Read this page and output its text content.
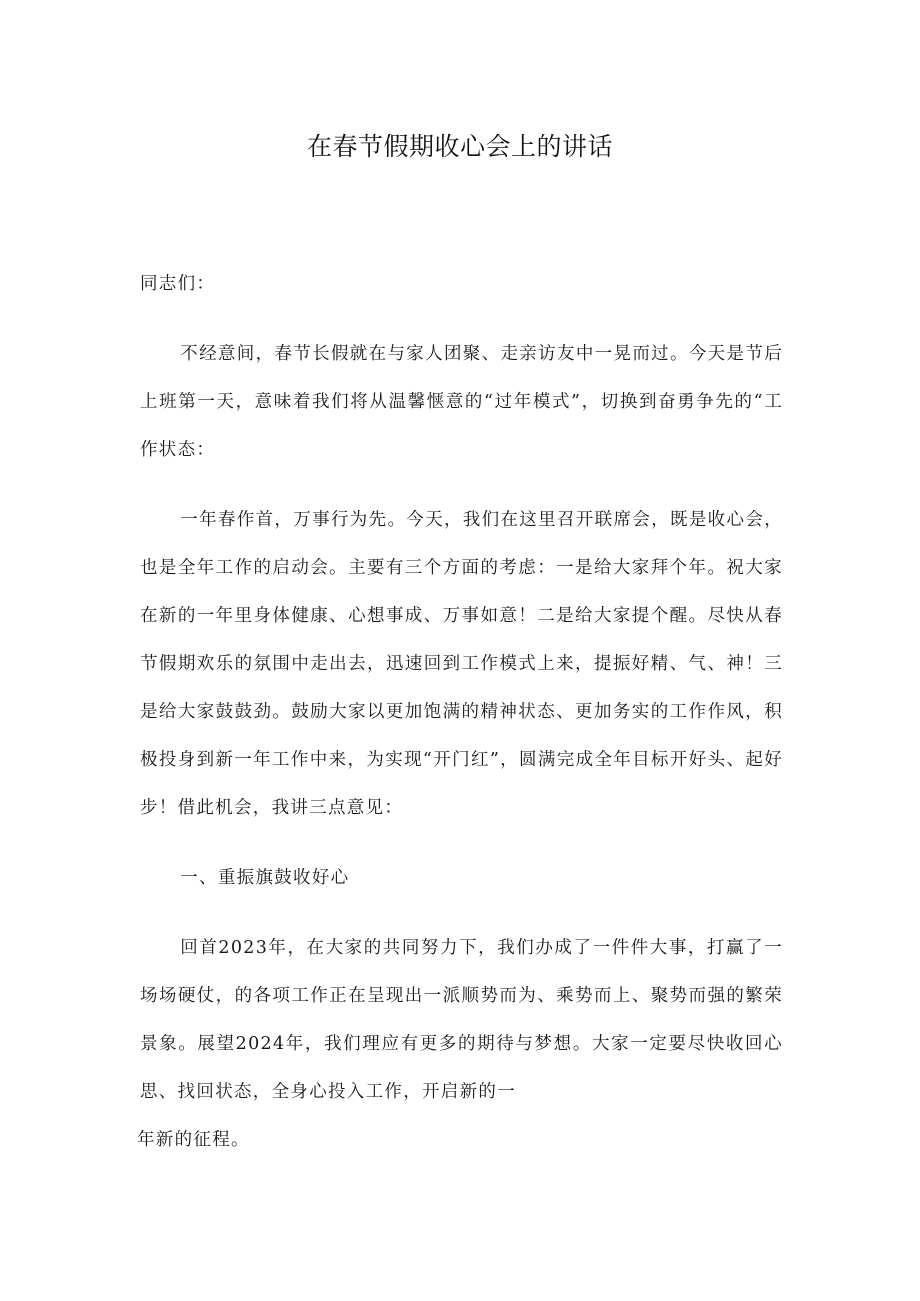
在春节假期收心会上的讲话

同志们：

不经意间，春节长假就在与家人团聚、走亲访友中一晃而过。今天是节后上班第一天，意味着我们将从温馨惬意的“过年模式”，切换到奋勇争先的“工作状态：

一年春作首，万事行为先。今天，我们在这里召开联席会，既是收心会，也是全年工作的启动会。主要有三个方面的考虑：一是给大家拜个年。祝大家在新的一年里身体健康、心想事成、万事如意！二是给大家提个醒。尽快从春节假期欢乐的氛围中走出去，迅速回到工作模式上来，提振好精、气、神！三是给大家鼓鼓劲。鼓励大家以更加饱满的精神状态、更加务实的工作作风，积极投身到新一年工作中来，为实现“开门红”，圆满完成全年目标开好头、起好步！借此机会，我讲三点意见：

一、重振旗鼓收好心

回首2023年，在大家的共同努力下，我们办成了一件件大事，打赢了一场场硬仗，的各项工作正在呈现出一派顺势而为、乘势而上、聚势而强的繁荣景象。展望2024年，我们理应有更多的期待与梦想。大家一定要尽快收回心思、找回状态，全身心投入工作，开启新的一

年新的征程。
